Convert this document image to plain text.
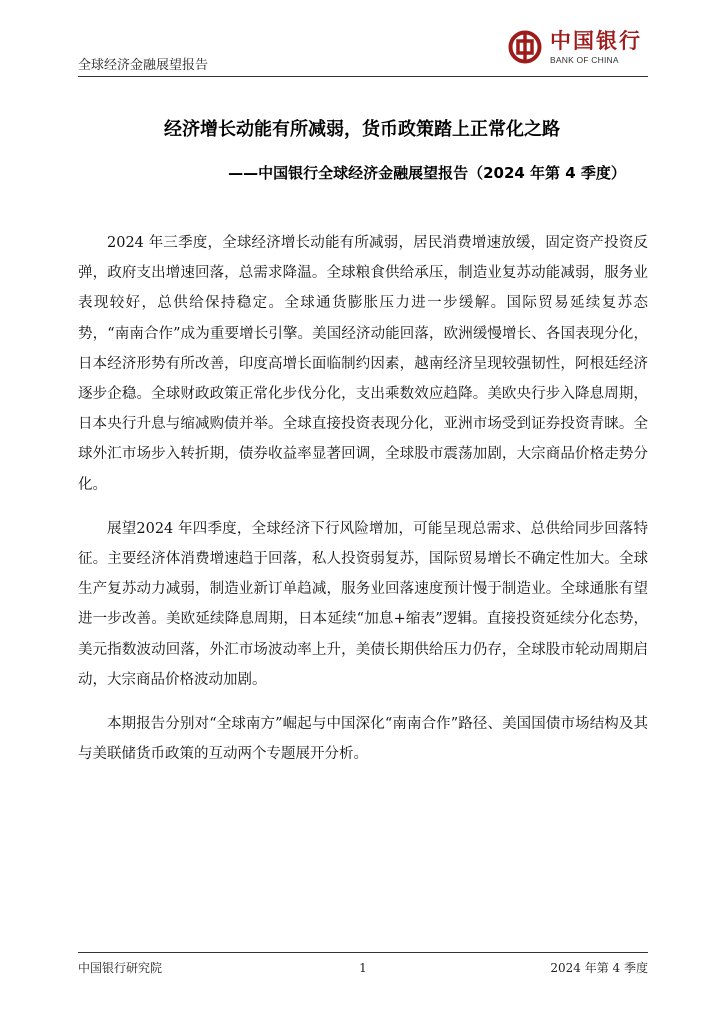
全球经济金融展望报告
中国银行
BANK OF CHINA
经济增长动能有所减弱，货币政策踏上正常化之路
——中国银行全球经济金融展望报告（2024 年第 4 季度）

2024 年三季度，全球经济增长动能有所减弱，居民消费增速放缓，固定资产投资反弹，政府支出增速回落，总需求降温。全球粮食供给承压，制造业复苏动能减弱，服务业表现较好，总供给保持稳定。全球通货膨胀压力进一步缓解。国际贸易延续复苏态势，“南南合作”成为重要增长引擎。美国经济动能回落，欧洲缓慢增长、各国表现分化，日本经济形势有所改善，印度高增长面临制约因素，越南经济呈现较强韧性，阿根廷经济逐步企稳。全球财政政策正常化步伐分化，支出乘数效应趋降。美欧央行步入降息周期，日本央行升息与缩减购债并举。全球直接投资表现分化，亚洲市场受到证券投资青睐。全球外汇市场步入转折期，债券收益率显著回调，全球股市震荡加剧，大宗商品价格走势分化。

展望2024 年四季度，全球经济下行风险增加，可能呈现总需求、总供给同步回落特征。主要经济体消费增速趋于回落，私人投资弱复苏，国际贸易增长不确定性加大。全球生产复苏动力减弱，制造业新订单趋减，服务业回落速度预计慢于制造业。全球通胀有望进一步改善。美欧延续降息周期，日本延续“加息+缩表”逻辑。直接投资延续分化态势，美元指数波动回落，外汇市场波动率上升，美债长期供给压力仍存，全球股市轮动周期启动，大宗商品价格波动加剧。

本期报告分别对“全球南方”崛起与中国深化“南南合作”路径、美国国债市场结构及其与美联储货币政策的互动两个专题展开分析。

中国银行研究院	1	2024 年第 4 季度
